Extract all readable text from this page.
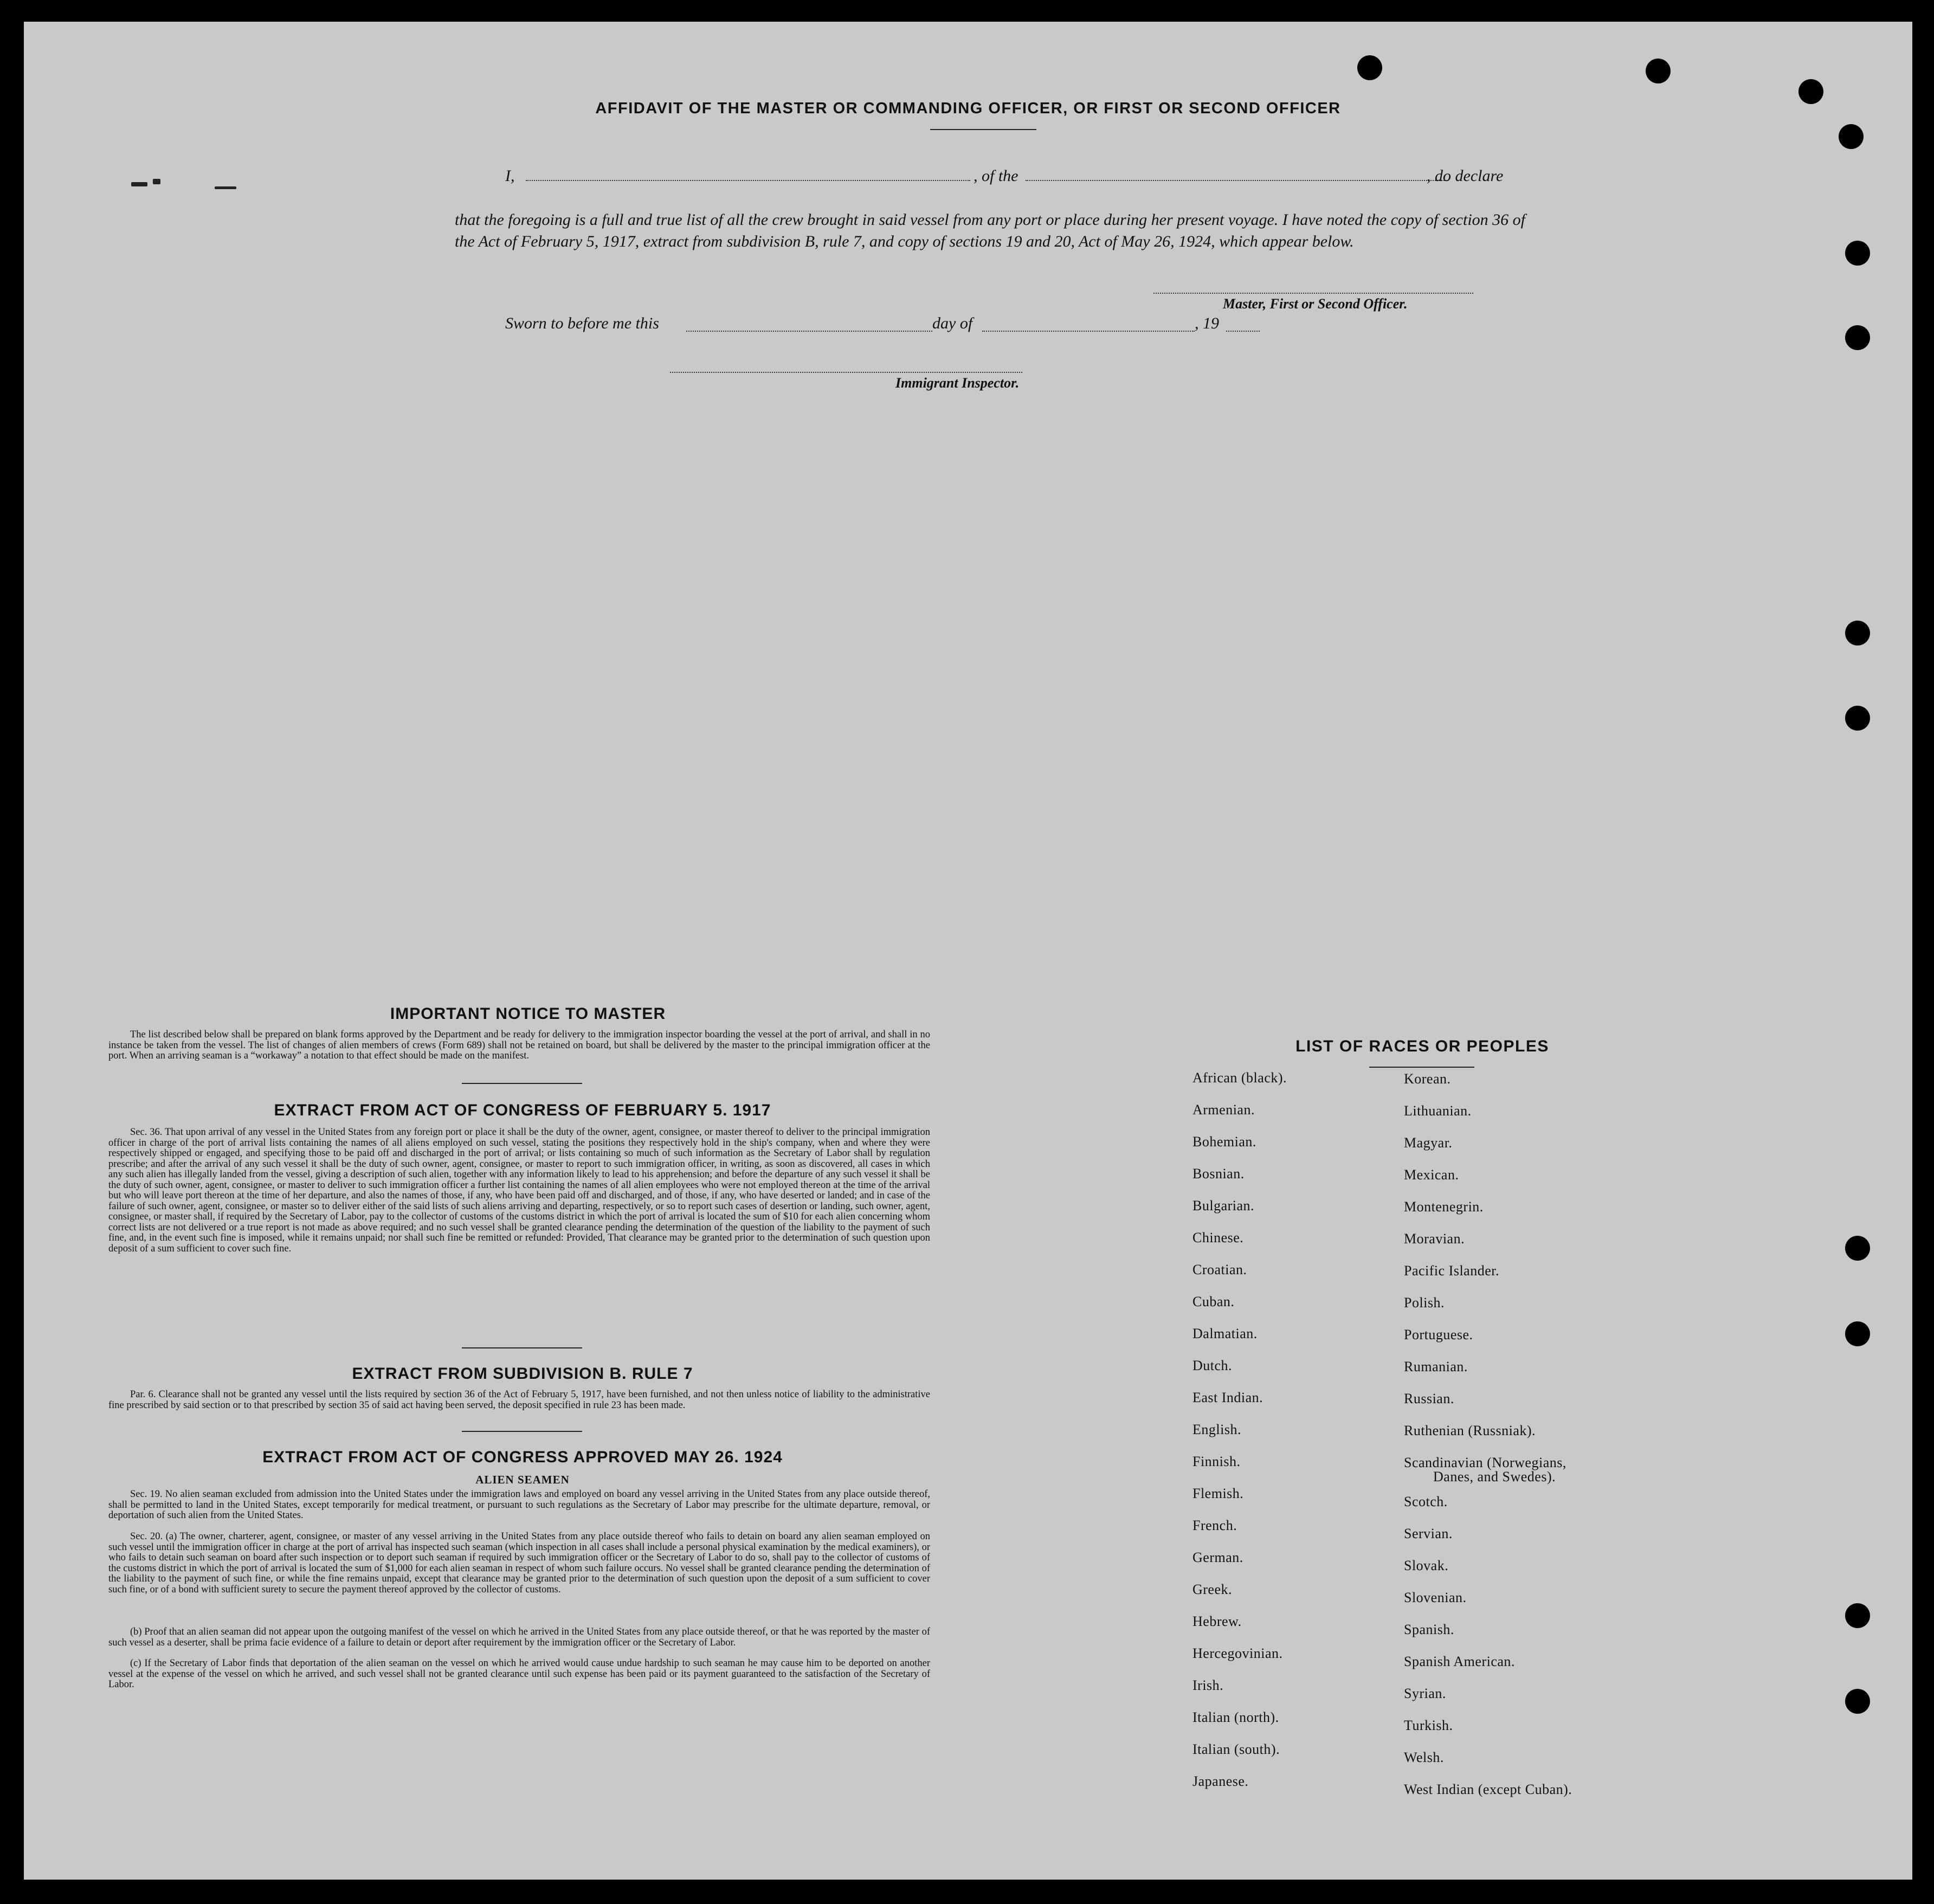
AFFIDAVIT OF THE MASTER OR COMMANDING OFFICER, OR FIRST OR SECOND OFFICER
I,	, of the	, do declare

that the foregoing is a full and true list of all the crew brought in said vessel from any port or place during her present voyage. I have noted the copy of section 36 of the Act of February 5, 1917, extract from subdivision B, rule 7, and copy of sections 19 and 20, Act of May 26, 1924, which appear below.

Master, First or Second Officer.
Sworn to before me this	day of	, 19
Immigrant Inspector.
IMPORTANT NOTICE TO MASTER

The list described below shall be prepared on blank forms approved by the Department and be ready for delivery to the immigration inspector boarding the vessel at the port of arrival, and shall in no instance be taken from the vessel. The list of changes of alien members of crews (Form 689) shall not be retained on board, but shall be delivered by the master to the principal immigration officer at the port. When an arriving seaman is a “workaway” a notation to that effect should be made on the manifest.

EXTRACT FROM ACT OF CONGRESS OF FEBRUARY 5. 1917

Sec. 36. That upon arrival of any vessel in the United States from any foreign port or place it shall be the duty of the owner, agent, consignee, or master thereof to deliver to the principal immigration officer in charge of the port of arrival lists containing the names of all aliens employed on such vessel, stating the positions they respectively hold in the ship's company, when and where they were respectively shipped or engaged, and specifying those to be paid off and discharged in the port of arrival; or lists containing so much of such information as the Secretary of Labor shall by regulation prescribe; and after the arrival of any such vessel it shall be the duty of such owner, agent, consignee, or master to report to such immigration officer, in writing, as soon as discovered, all cases in which any such alien has illegally landed from the vessel, giving a description of such alien, together with any information likely to lead to his apprehension; and before the departure of any such vessel it shall be the duty of such owner, agent, consignee, or master to deliver to such immigration officer a further list containing the names of all alien employees who were not employed thereon at the time of the arrival but who will leave port thereon at the time of her departure, and also the names of those, if any, who have been paid off and discharged, and of those, if any, who have deserted or landed; and in case of the failure of such owner, agent, consignee, or master so to deliver either of the said lists of such aliens arriving and departing, respectively, or so to report such cases of desertion or landing, such owner, agent, consignee, or master shall, if required by the Secretary of Labor, pay to the collector of customs of the customs district in which the port of arrival is located the sum of $10 for each alien concerning whom correct lists are not delivered or a true report is not made as above required; and no such vessel shall be granted clearance pending the determination of the question of the liability to the payment of such fine, and, in the event such fine is imposed, while it remains unpaid; nor shall such fine be remitted or refunded: Provided, That clearance may be granted prior to the determination of such question upon deposit of a sum sufficient to cover such fine.

EXTRACT FROM SUBDIVISION B. RULE 7

Par. 6. Clearance shall not be granted any vessel until the lists required by section 36 of the Act of February 5, 1917, have been furnished, and not then unless notice of liability to the administrative fine prescribed by said section or to that prescribed by section 35 of said act having been served, the deposit specified in rule 23 has been made.

EXTRACT FROM ACT OF CONGRESS APPROVED MAY 26. 1924
ALIEN SEAMEN

Sec. 19. No alien seaman excluded from admission into the United States under the immigration laws and employed on board any vessel arriving in the United States from any place outside thereof, shall be permitted to land in the United States, except temporarily for medical treatment, or pursuant to such regulations as the Secretary of Labor may prescribe for the ultimate departure, removal, or deportation of such alien from the United States.

Sec. 20. (a) The owner, charterer, agent, consignee, or master of any vessel arriving in the United States from any place outside thereof who fails to detain on board any alien seaman employed on such vessel until the immigration officer in charge at the port of arrival has inspected such seaman (which inspection in all cases shall include a personal physical examination by the medical examiners), or who fails to detain such seaman on board after such inspection or to deport such seaman if required by such immigration officer or the Secretary of Labor to do so, shall pay to the collector of customs of the customs district in which the port of arrival is located the sum of $1,000 for each alien seaman in respect of whom such failure occurs. No vessel shall be granted clearance pending the determination of the liability to the payment of such fine, or while the fine remains unpaid, except that clearance may be granted prior to the determination of such question upon the deposit of a sum sufficient to cover such fine, or of a bond with sufficient surety to secure the payment thereof approved by the collector of customs.

(b) Proof that an alien seaman did not appear upon the outgoing manifest of the vessel on which he arrived in the United States from any place outside thereof, or that he was reported by the master of such vessel as a deserter, shall be prima facie evidence of a failure to detain or deport after requirement by the immigration officer or the Secretary of Labor.

(c) If the Secretary of Labor finds that deportation of the alien seaman on the vessel on which he arrived would cause undue hardship to such seaman he may cause him to be deported on another vessel at the expense of the vessel on which he arrived, and such vessel shall not be granted clearance until such expense has been paid or its payment guaranteed to the satisfaction of the Secretary of Labor.

LIST OF RACES OR PEOPLES
African (black).
Armenian.
Bohemian.
Bosnian.
Bulgarian.
Chinese.
Croatian.
Cuban.
Dalmatian.
Dutch.
East Indian.
English.
Finnish.
Flemish.
French.
German.
Greek.
Hebrew.
Hercegovinian.
Irish.
Italian (north).
Italian (south).
Japanese.
Korean.
Lithuanian.
Magyar.
Mexican.
Montenegrin.
Moravian.
Pacific Islander.
Polish.
Portuguese.
Rumanian.
Russian.
Ruthenian (Russniak).
Scandinavian (Norwegians,
Danes, and Swedes).
Scotch.
Servian.
Slovak.
Slovenian.
Spanish.
Spanish American.
Syrian.
Turkish.
Welsh.
West Indian (except Cuban).
